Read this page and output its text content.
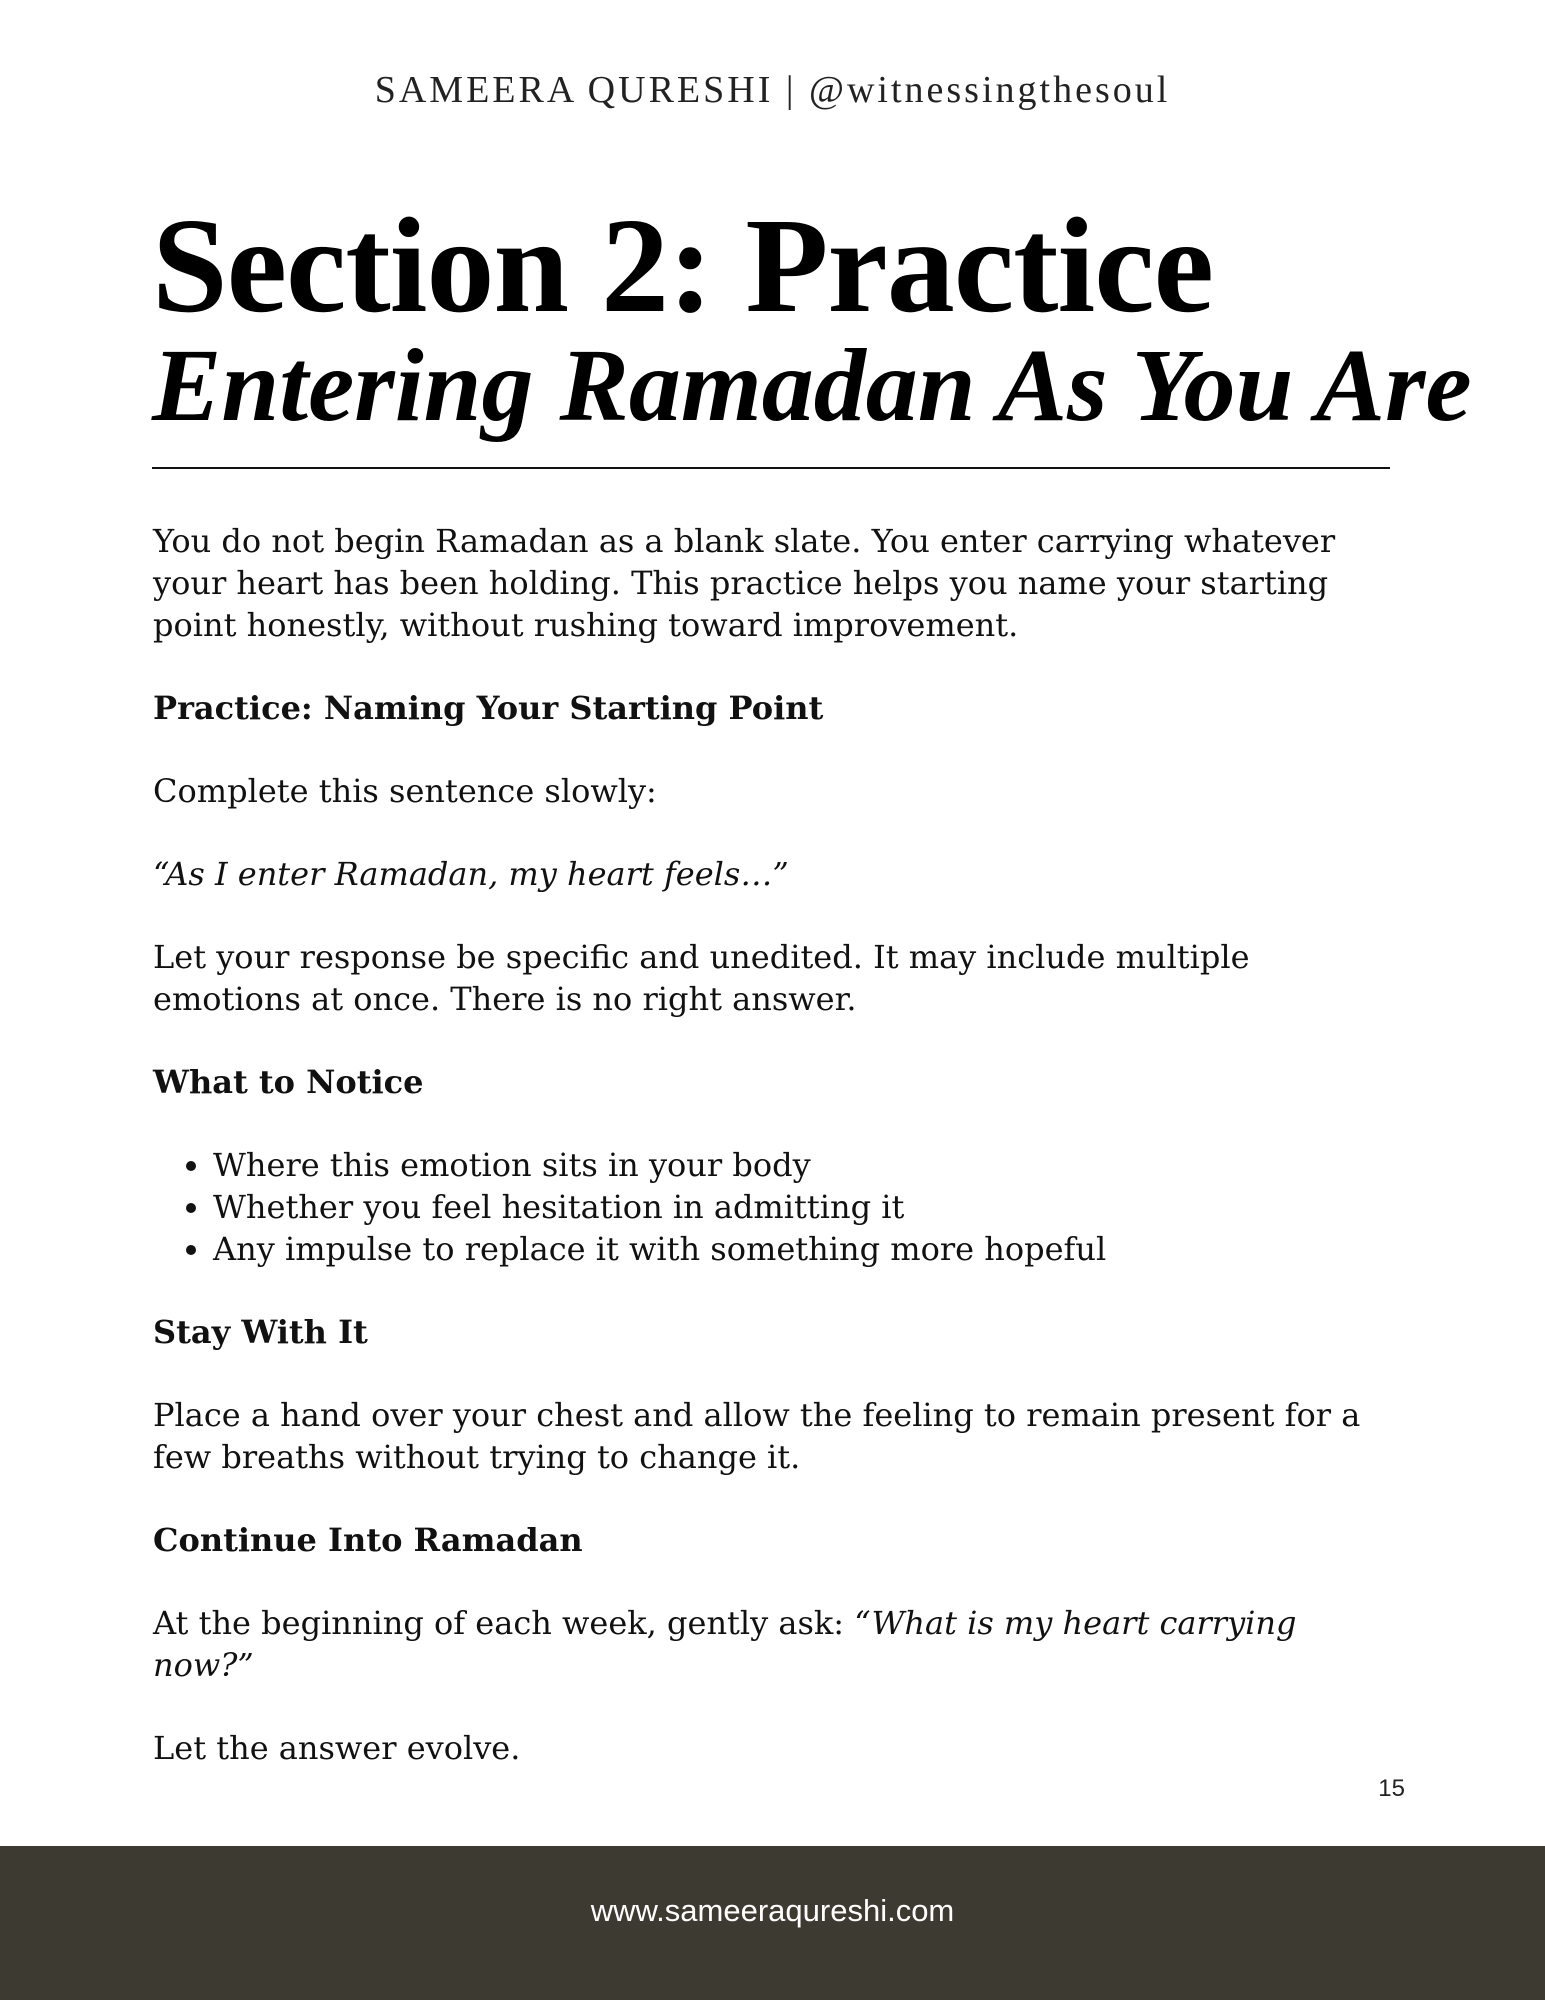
SAMEERA QURESHI | @witnessingthesoul
Section 2: Practice
Entering Ramadan As You Are

You do not begin Ramadan as a blank slate. You enter carrying whatever your heart has been holding. This practice helps you name your starting point honestly, without rushing toward improvement.

Practice: Naming Your Starting Point

Complete this sentence slowly:

“As I enter Ramadan, my heart feels…”

Let your response be specific and unedited. It may include multiple emotions at once. There is no right answer.

What to Notice
• Where this emotion sits in your body
• Whether you feel hesitation in admitting it
• Any impulse to replace it with something more hopeful
Stay With It

Place a hand over your chest and allow the feeling to remain present for a few breaths without trying to change it.

Continue Into Ramadan

At the beginning of each week, gently ask: “What is my heart carrying now?”

Let the answer evolve.

15
www.sameeraqureshi.com
